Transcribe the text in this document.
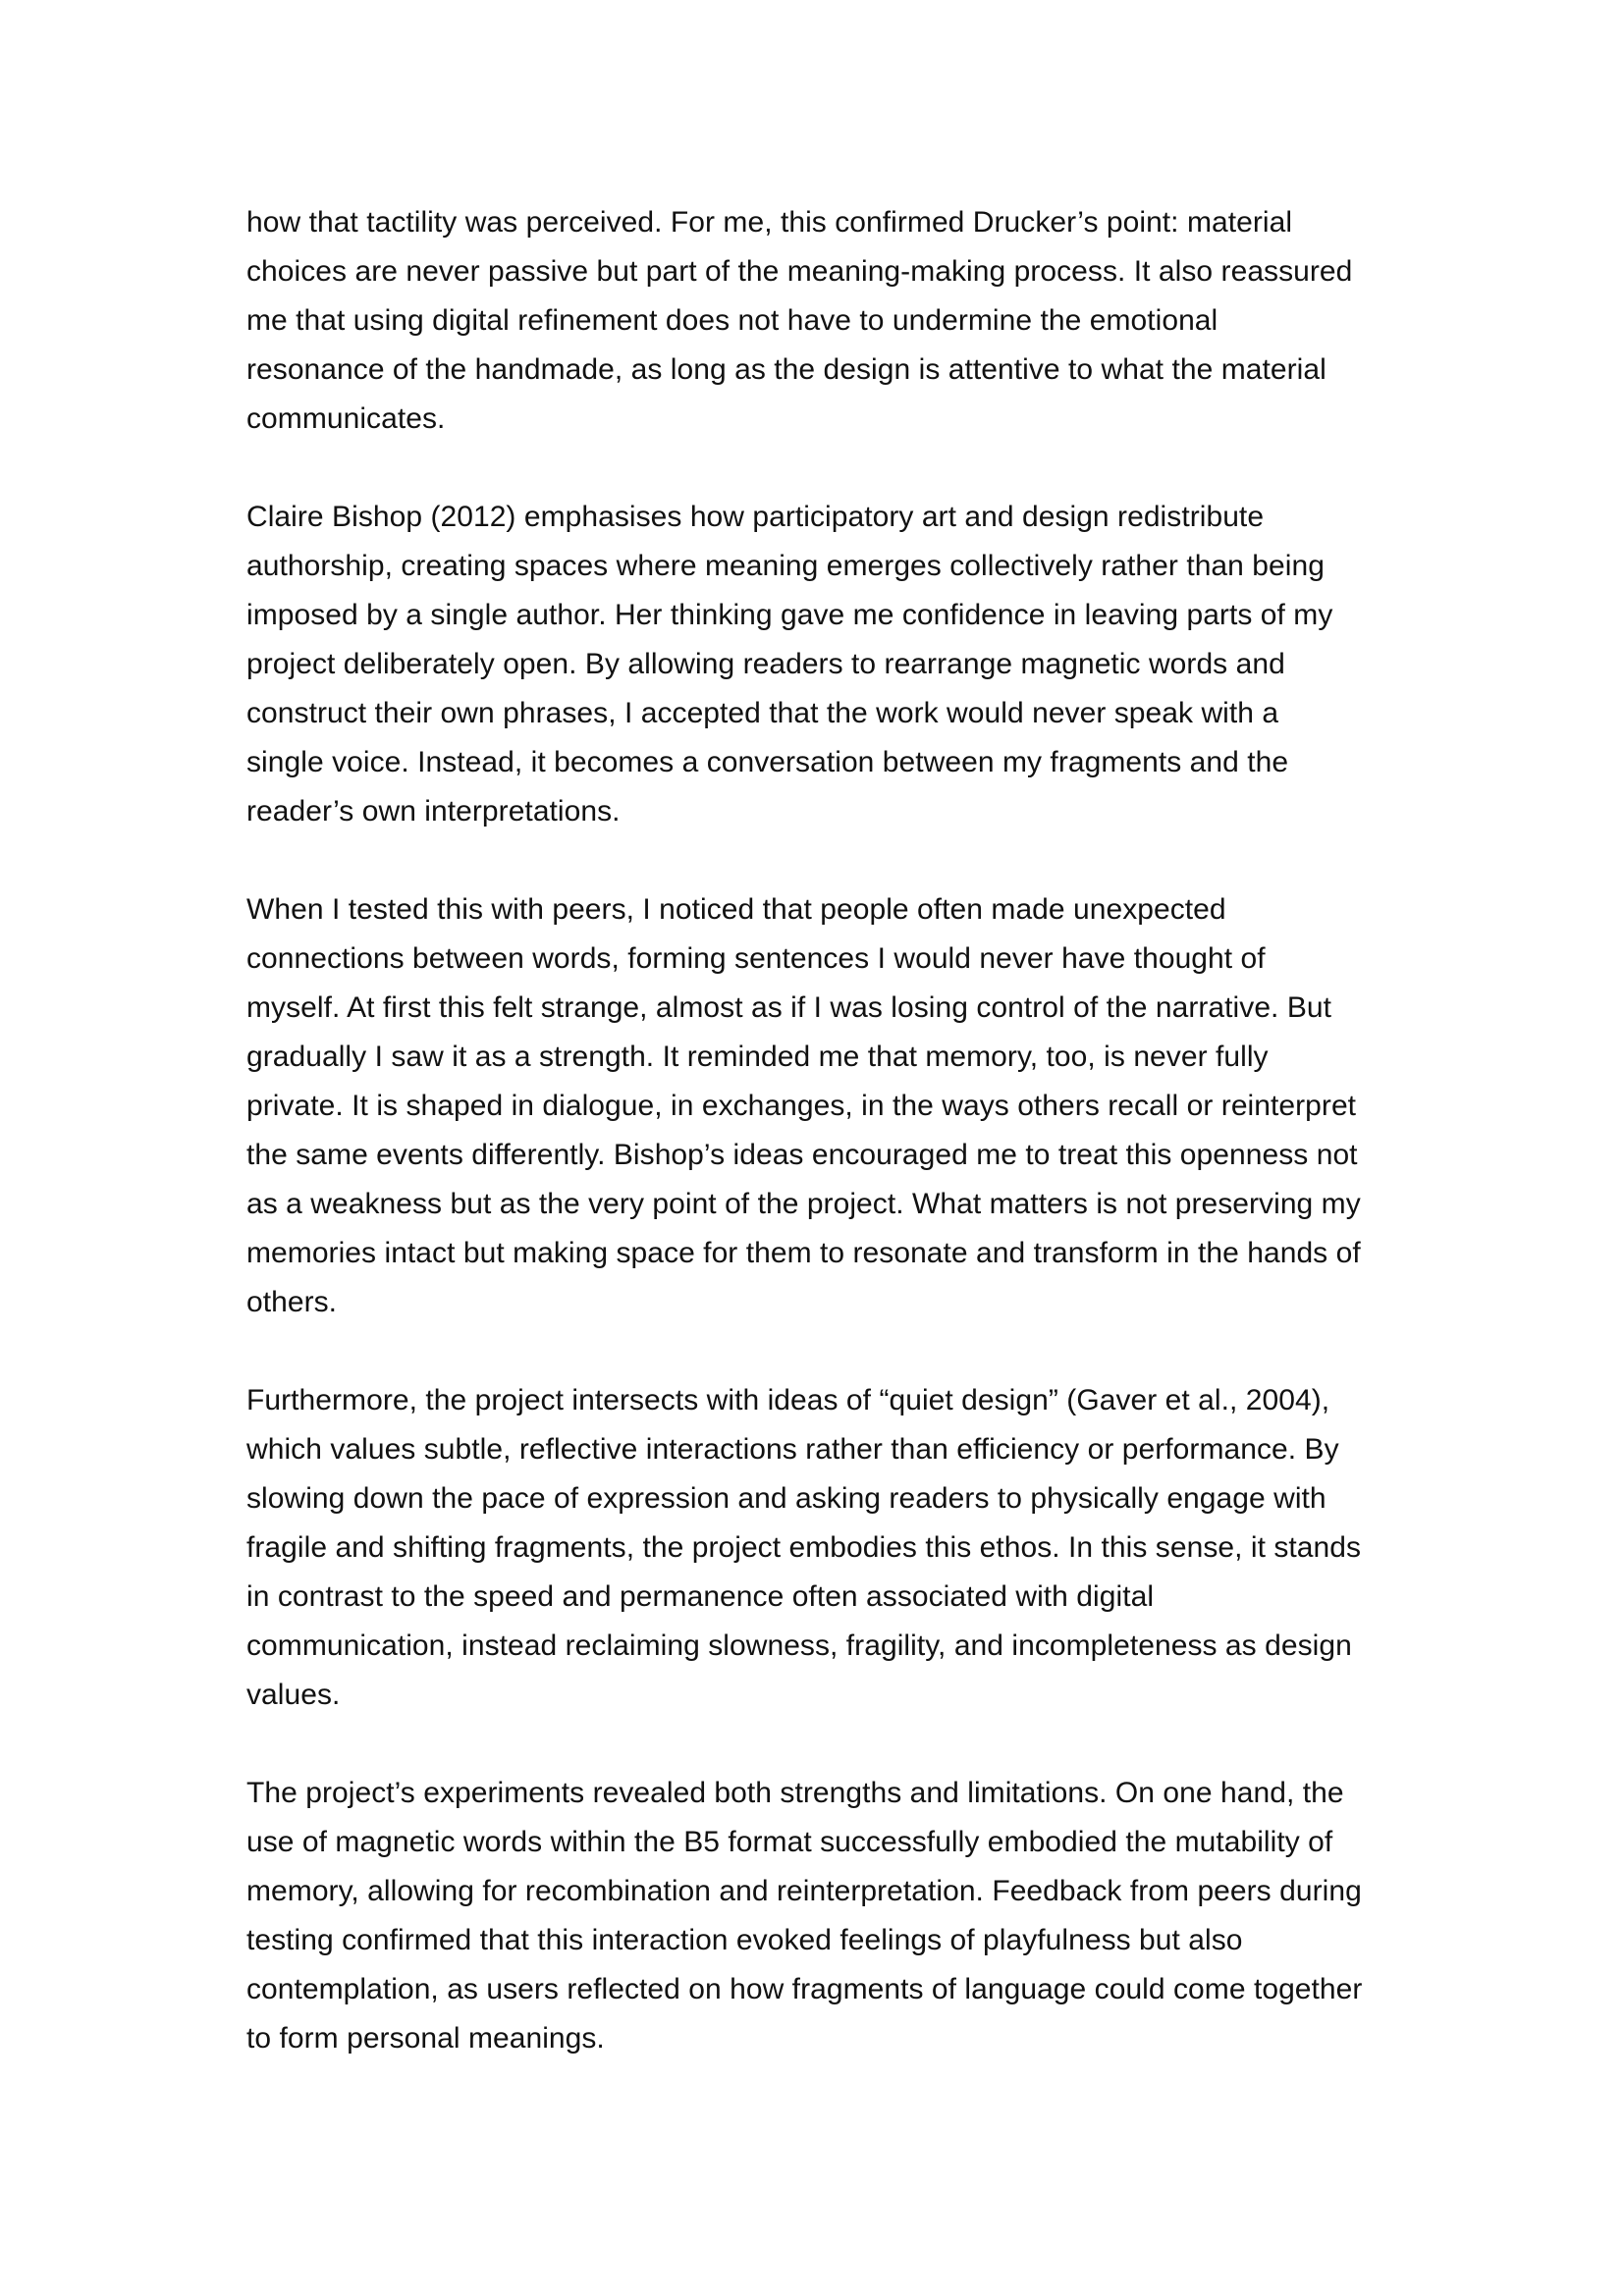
how that tactility was perceived. For me, this confirmed Drucker’s point: material
choices are never passive but part of the meaning-making process. It also reassured
me that using digital refinement does not have to undermine the emotional
resonance of the handmade, as long as the design is attentive to what the material
communicates.
Claire Bishop (2012) emphasises how participatory art and design redistribute
authorship, creating spaces where meaning emerges collectively rather than being
imposed by a single author. Her thinking gave me confidence in leaving parts of my
project deliberately open. By allowing readers to rearrange magnetic words and
construct their own phrases, I accepted that the work would never speak with a
single voice. Instead, it becomes a conversation between my fragments and the
reader’s own interpretations.
When I tested this with peers, I noticed that people often made unexpected
connections between words, forming sentences I would never have thought of
myself. At first this felt strange, almost as if I was losing control of the narrative. But
gradually I saw it as a strength. It reminded me that memory, too, is never fully
private. It is shaped in dialogue, in exchanges, in the ways others recall or reinterpret
the same events differently. Bishop’s ideas encouraged me to treat this openness not
as a weakness but as the very point of the project. What matters is not preserving my
memories intact but making space for them to resonate and transform in the hands of
others.
Furthermore, the project intersects with ideas of “quiet design” (Gaver et al., 2004),
which values subtle, reflective interactions rather than efficiency or performance. By
slowing down the pace of expression and asking readers to physically engage with
fragile and shifting fragments, the project embodies this ethos. In this sense, it stands
in contrast to the speed and permanence often associated with digital
communication, instead reclaiming slowness, fragility, and incompleteness as design
values.
The project’s experiments revealed both strengths and limitations. On one hand, the
use of magnetic words within the B5 format successfully embodied the mutability of
memory, allowing for recombination and reinterpretation. Feedback from peers during
testing confirmed that this interaction evoked feelings of playfulness but also
contemplation, as users reflected on how fragments of language could come together
to form personal meanings.
